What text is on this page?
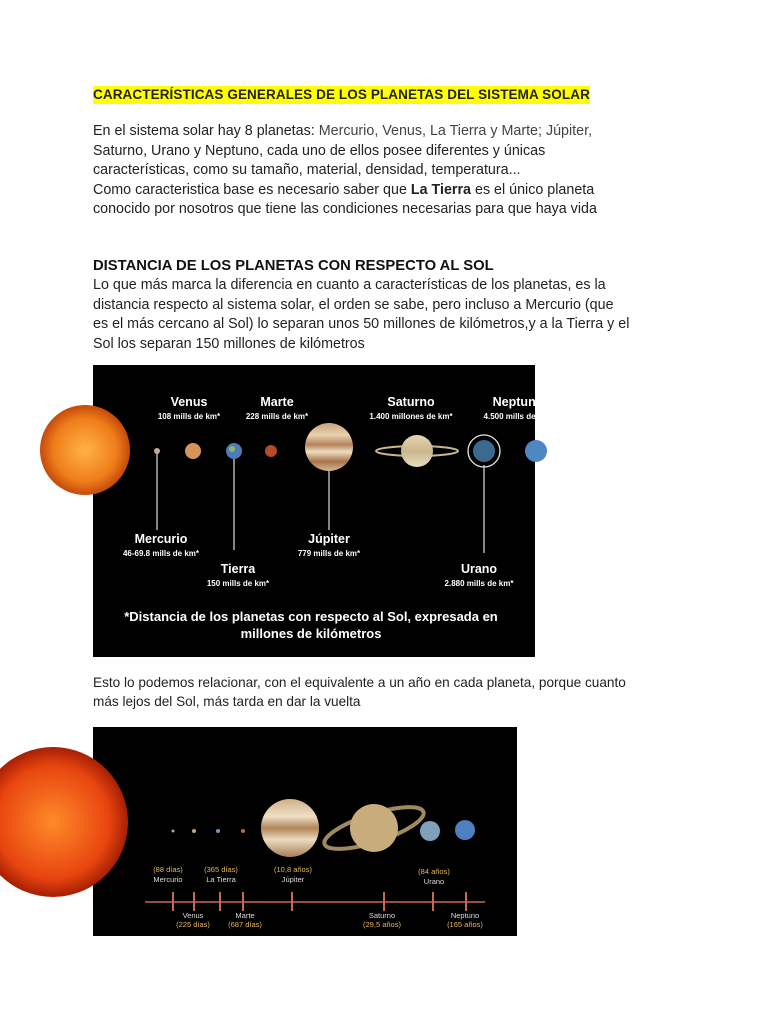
CARACTERÍSTICAS GENERALES DE LOS PLANETAS DEL SISTEMA SOLAR
En el sistema solar hay 8 planetas: Mercurio, Venus, La Tierra y Marte; Júpiter,
Saturno, Urano y Neptuno, cada uno de ellos posee diferentes y únicas
características, como su tamaño, material, densidad, temperatura...
Como caracteristica base es necesario saber que La Tierra es el único planeta
conocido por nosotros que tiene las condiciones necesarias para que haya vida
DISTANCIA DE LOS PLANETAS CON RESPECTO AL SOL
Lo que más marca la diferencia en cuanto a características de los planetas, es la
distancia respecto al sistema solar, el orden se sabe, pero incluso a Mercurio (que
es el más cercano al Sol) lo separan unos 50 millones de kilómetros,y a la Tierra y el
Sol los separan 150 millones de kilómetros
Venus
108 mills de km*
Marte
228 mills de km*
Saturno
1.400 millones de km*
Neptuno
4.500 mills de km*
Mercurio
46-69.8 mills de km*
Júpiter
779 mills de km*
Tierra
150 mills de km*
Urano
2.880 mills de km*
*Distancia de los planetas con respecto al Sol, expresada en
millones de kilómetros
Esto lo podemos relacionar, con el equivalente a un año en cada planeta, porque cuanto
más lejos del Sol, más tarda en dar la vuelta
(88 días)
Mercurio
(365 días)
La Tierra
(10,8 años)
Júpiter
(84 años)
Urano
Venus
(225 días)
Marte
(687 días)
Saturno
(29,5 años)
Neptuno
(165 años)
